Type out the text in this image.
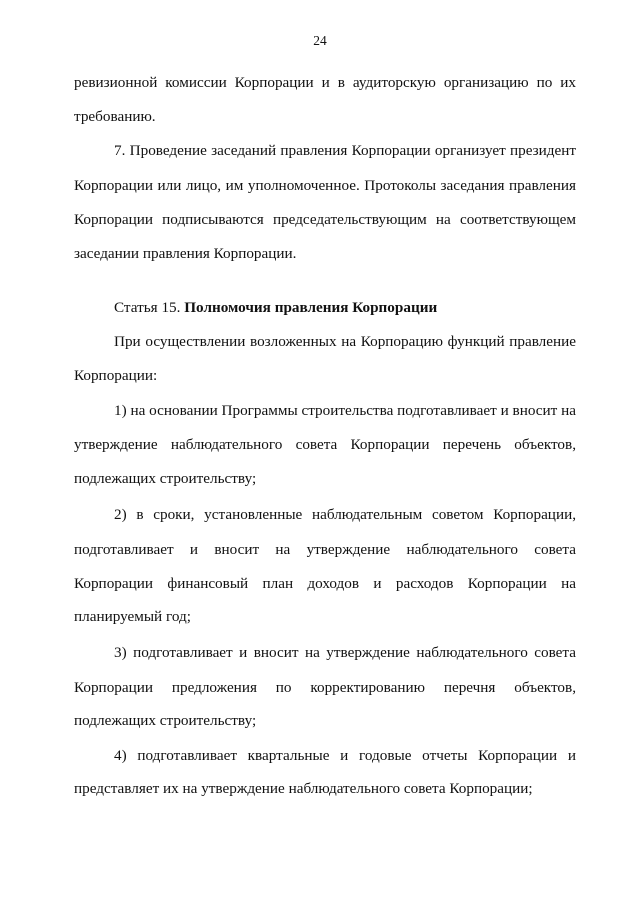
24
ревизионной комиссии Корпорации и в аудиторскую организацию по их
требованию.
7. Проведение заседаний правления Корпорации организует президент
Корпорации или лицо, им уполномоченное. Протоколы заседания правления
Корпорации подписываются председательствующим на соответствующем
заседании правления Корпорации.
Статья 15. Полномочия правления Корпорации
При осуществлении возложенных на Корпорацию функций правление
Корпорации:
1) на основании Программы строительства подготавливает и вносит на
утверждение наблюдательного совета Корпорации перечень объектов,
подлежащих строительству;
2) в сроки, установленные наблюдательным советом Корпорации,
подготавливает и вносит на утверждение наблюдательного совета
Корпорации финансовый план доходов и расходов Корпорации на
планируемый год;
3) подготавливает и вносит на утверждение наблюдательного совета
Корпорации предложения по корректированию перечня объектов,
подлежащих строительству;
4) подготавливает квартальные и годовые отчеты Корпорации и
представляет их на утверждение наблюдательного совета Корпорации;
